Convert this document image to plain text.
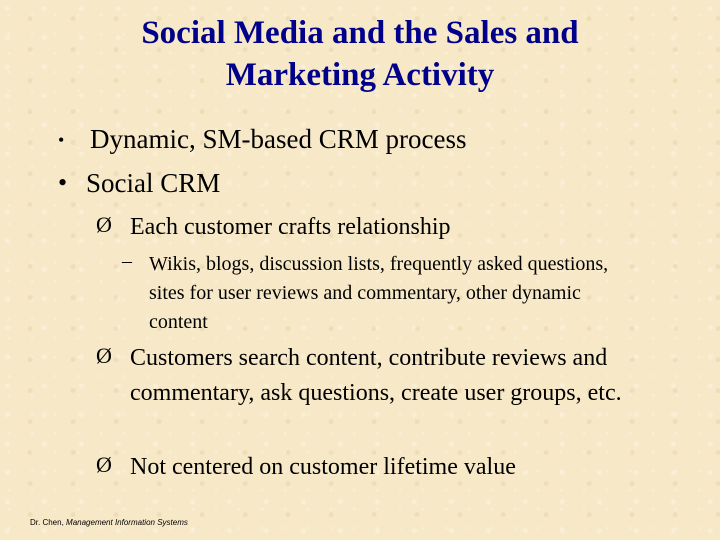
Social Media and the Sales and
Marketing Activity
• Dynamic, SM-based CRM process
• Social CRM
Ø Each customer crafts relationship
– Wikis, blogs, discussion lists, frequently asked questions, sites for user reviews and commentary, other dynamic content
Ø Customers search content, contribute reviews and commentary, ask questions, create user groups, etc.
Ø Not centered on customer lifetime value
Dr. Chen, Management Information Systems
